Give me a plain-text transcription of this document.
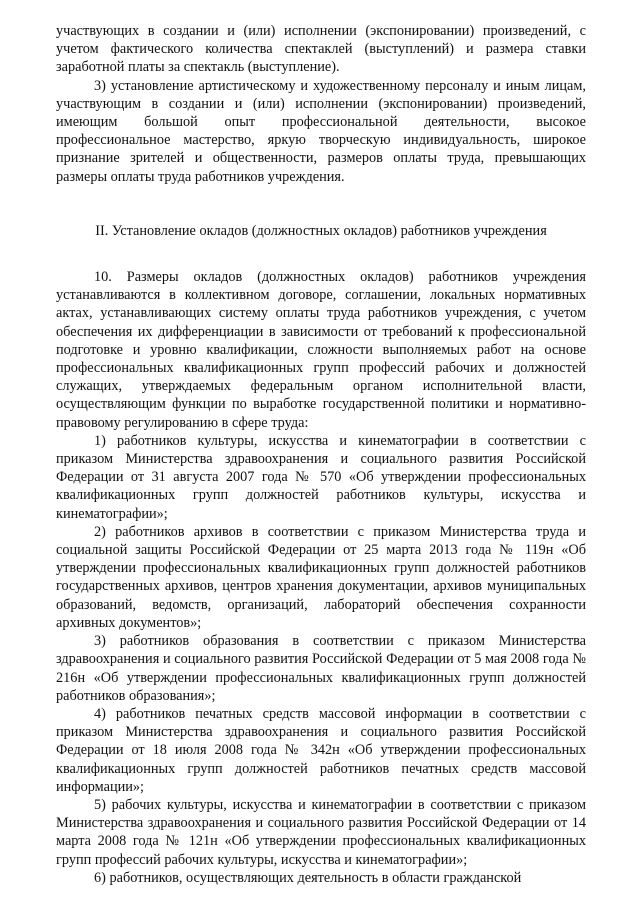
участвующих в создании и (или) исполнении (экспонировании) произведений, с учетом фактического количества спектаклей (выступлений) и размера ставки заработной платы за спектакль (выступление).

3) установление артистическому и художественному персоналу и иным лицам, участвующим в создании и (или) исполнении (экспонировании) произведений, имеющим большой опыт профессиональной деятельности, высокое профессиональное мастерство, яркую творческую индивидуальность, широкое признание зрителей и общественности, размеров оплаты труда, превышающих размеры оплаты труда работников учреждения.

II. Установление окладов (должностных окладов) работников учреждения

10. Размеры окладов (должностных окладов) работников учреждения устанавливаются в коллективном договоре, соглашении, локальных нормативных актах, устанавливающих систему оплаты труда работников учреждения, с учетом обеспечения их дифференциации в зависимости от требований к профессиональной подготовке и уровню квалификации, сложности выполняемых работ на основе профессиональных квалификационных групп профессий рабочих и должностей служащих, утверждаемых федеральным органом исполнительной власти, осуществляющим функции по выработке государственной политики и нормативно-правовому регулированию в сфере труда:

1) работников культуры, искусства и кинематографии в соответствии с приказом Министерства здравоохранения и социального развития Российской Федерации от 31 августа 2007 года № 570 «Об утверждении профессиональных квалификационных групп должностей работников культуры, искусства и кинематографии»;

2) работников архивов в соответствии с приказом Министерства труда и социальной защиты Российской Федерации от 25 марта 2013 года № 119н «Об утверждении профессиональных квалификационных групп должностей работников государственных архивов, центров хранения документации, архивов муниципальных образований, ведомств, организаций, лабораторий обеспечения сохранности архивных документов»;

3) работников образования в соответствии с приказом Министерства здравоохранения и социального развития Российской Федерации от 5 мая 2008 года № 216н «Об утверждении профессиональных квалификационных групп должностей работников образования»;

4) работников печатных средств массовой информации в соответствии с приказом Министерства здравоохранения и социального развития Российской Федерации от 18 июля 2008 года № 342н «Об утверждении профессиональных квалификационных групп должностей работников печатных средств массовой информации»;

5) рабочих культуры, искусства и кинематографии в соответствии с приказом Министерства здравоохранения и социального развития Российской Федерации от 14 марта 2008 года № 121н «Об утверждении профессиональных квалификационных групп профессий рабочих культуры, искусства и кинематографии»;

6) работников, осуществляющих деятельность в области гражданской
